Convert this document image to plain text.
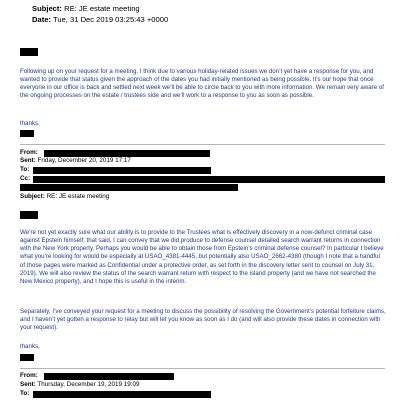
Subject: RE: JE estate meeting
Date: Tue, 31 Dec 2019 03:25:43 +0000

Following up on your request for a meeting, I think due to various holiday-related issues we don’t yet have a response for you, and wanted to provide that status given the approach of the dates you had initially mentioned as being possible. It’s our hope that once everyone in our office is back and settled next week we’ll be able to circle back to you with more information. We remain very aware of the ongoing processes on the estate / trustees side and we’ll work to a response to you as soon as possible.

thanks,

From:
Sent: Friday, December 20, 2019 17:17
To:
Cc:
Subject: RE: JE estate meeting

We’re not yet exactly sure what our ability is to provide to the Trustees what is effectively discovery in a now-defunct criminal case against Epstein himself; that said, I can convey that we did produce to defense counsel detailed search warrant returns in connection with the New York property. Perhaps you would be able to obtain those from Epstein’s criminal defense counsel? In particular I believe what you’re looking for would be especially at USAO_4381-4445, but potentially also USAO_2662-4380 (though I note that a handful of those pages were marked as Confidential under a protective order, as set forth in the discovery letter sent to counsel on July 31, 2019). We will also review the status of the search warrant return with respect to the island property (and we have not searched the New Mexico property), and I hope this is useful in the interim.

Separately, I’ve conveyed your request for a meeting to discuss the possibility of resolving the Government’s potential forfeiture claims, and I haven’t yet gotten a response to relay but will let you know as soon as I do (and will also provide these dates in connection with your request).

thanks,

From:
Sent: Thursday, December 19, 2019 19:09
To:
